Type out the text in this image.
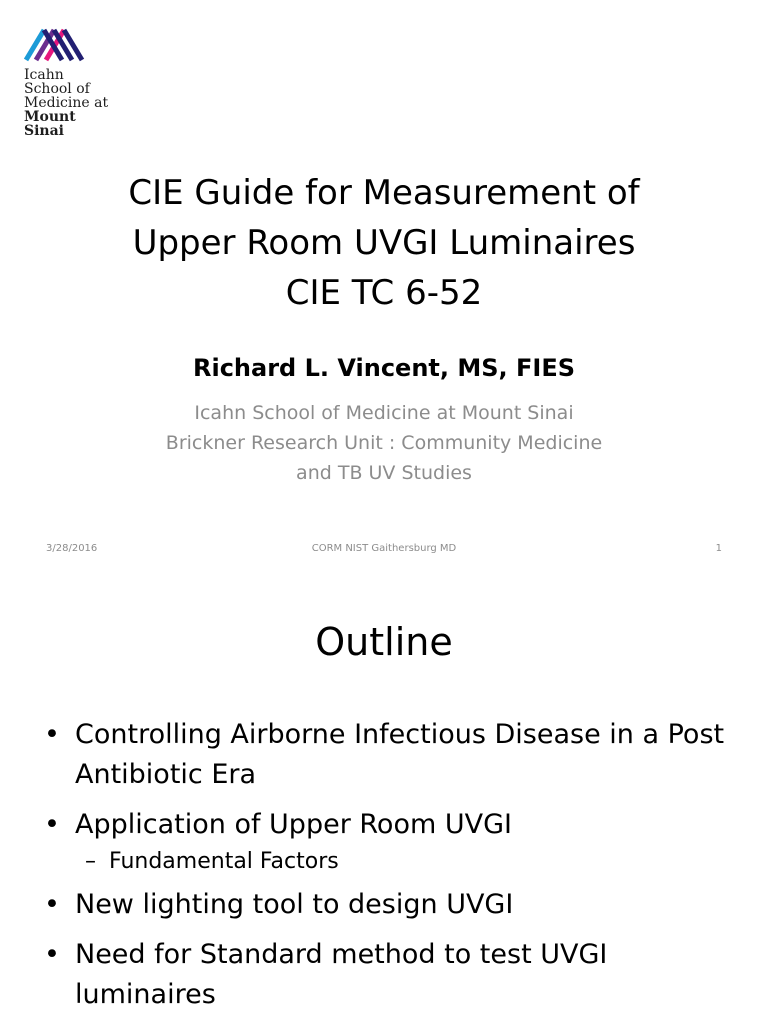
Icahn
School of
Medicine at
Mount
Sinai
CIE Guide for Measurement of
Upper Room UVGI Luminaires
CIE TC 6-52
Richard L. Vincent, MS, FIES
Icahn School of Medicine at Mount Sinai
Brickner Research Unit : Community Medicine
and TB UV Studies
3/28/2016	CORM NIST Gaithersburg MD	1
Outline
• Controlling Airborne Infectious Disease in a Post Antibiotic Era
• Application of Upper Room UVGI
– Fundamental Factors
• New lighting tool to design UVGI
• Need for Standard method to test UVGI luminaires
